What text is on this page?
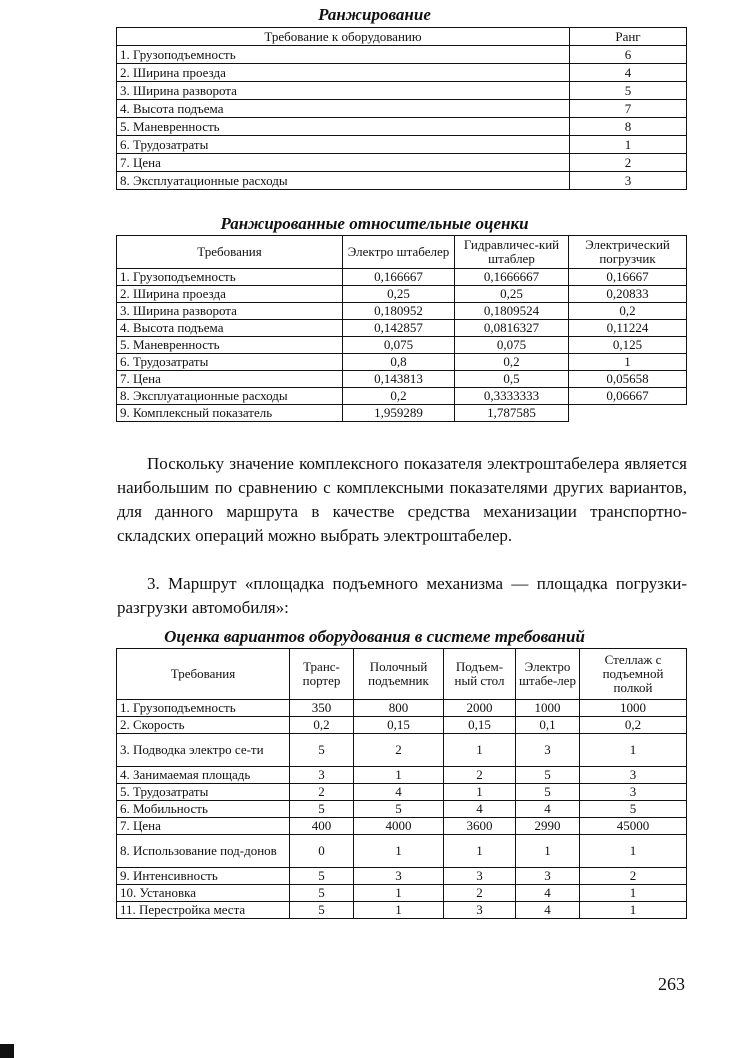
Ранжирование

Требование к оборудованию	Ранг
1. Грузоподъемность	6
2. Ширина проезда	4
3. Ширина разворота	5
4. Высота подъема	7
5. Маневренность	8
6. Трудозатраты	1
7. Цена	2
8. Эксплуатационные расходы	3

Ранжированные относительные оценки

Требования	Электро штабелер	Гидравличес-кий штаблер	Электрический погрузчик
1. Грузоподъемность	0,166667	0,1666667	0,16667
2. Ширина проезда	0,25	0,25	0,20833
3. Ширина разворота	0,180952	0,1809524	0,2
4. Высота подъема	0,142857	0,0816327	0,11224
5. Маневренность	0,075	0,075	0,125
6. Трудозатраты	0,8	0,2	1
7. Цена	0,143813	0,5	0,05658
8. Эксплуатационные расходы	0,2	0,3333333	0,06667
9. Комплексный показатель	1,959289	1,787585	

Поскольку значение комплексного показателя электроштабелера является наибольшим по сравнению с комплексными показателями других вариантов, для данного маршрута в качестве средства механизации транспортно-складских операций можно выбрать электроштабелер.

3. Маршрут «площадка подъемного механизма — площадка погрузки-разгрузки автомобиля»:

Оценка вариантов оборудования в системе требований

Требования	Транс-портер	Полочный подъемник	Подъем-ный стол	Электро штабе-лер	Стеллаж с подъемной полкой
1. Грузоподъемность	350	800	2000	1000	1000
2. Скорость	0,2	0,15	0,15	0,1	0,2
3. Подводка электро се-ти	5	2	1	3	1
4. Занимаемая площадь	3	1	2	5	3
5. Трудозатраты	2	4	1	5	3
6. Мобильность	5	5	4	4	5
7. Цена	400	4000	3600	2990	45000
8. Использование под-донов	0	1	1	1	1
9. Интенсивность	5	3	3	3	2
10. Установка	5	1	2	4	1
11. Перестройка места	5	1	3	4	1

263
